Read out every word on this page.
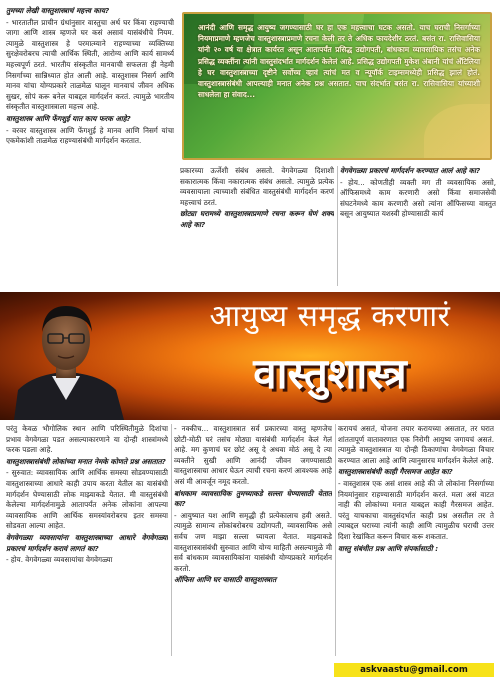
तुमच्या लेखी वास्तुशास्त्राचं महत्त्व काय?
- भारतातील प्राचीन ग्रंथांनुसार वास्तुचा अर्थ घर किंवा राहण्याची जागा आणि शास्त्र म्हणजे घर कसं असावं यासंबंधीचे नियम. त्यामुळे वास्तुशास्त्र हे परमात्म्याने राहण्याच्या व्यक्तिच्या सुरक्षेवरोबरच त्याची आर्थिक स्थिती, आरोग्य आणि कार्य सामर्थ्य महत्त्वपूर्ण ठरतं. भारतीय संस्कृतीत मानवाची सफलता ही नेहमी निसर्गाच्या सान्निध्यात होत आली आहे. वास्तुशास्त्र निसर्ग आणि मानव यांचा योग्यप्रकारे ताळमेळ घालून मानवाचं जीवन अधिक सुखर, सोपं करू बनेल याबद्दल मार्गदर्शन करतं. त्यामुळे भारतीय संस्कृतीत वास्तुशास्त्राला महत्त्व आहे.
वास्तुशास्त्र आणि फेंगशुई यात काय फरक आहे?
- वरवर वास्तुशास्त्र आणि फेंगशुई हे मानव आणि निसर्ग यांचा एकमेकांशी ताळमेळ राहण्यासंबंधी मार्गदर्शन करतात.
आनंदी आणि समृद्ध आयुष्य जगण्यासाठी घर हा एक महत्त्वाचा घटक असतो. याच घराची निसर्गाच्या नियमाप्रमाणे म्हणजेच वास्तुशास्त्राप्रमाणे रचना केली तर ते अधिक फायदेशीर ठरतं. बसंत रा. रासिवासिया यांनी २० वर्ष या क्षेत्रात कार्यरत असून आतापर्यंत प्रसिद्ध उद्योगपती, बांधकाम व्यावसायिक तसंच अनेक प्रसिद्ध व्यक्तींना त्यांनी वास्तुसंदर्भात मार्गदर्शन केलेलं आहे. प्रसिद्ध उद्योगपती मुकेश अंबानी यांचं अँटिलिया हे घर वास्तुशास्त्राच्या दृष्टीने सर्वोच्च व्हावं त्यांचं मत व न्यूयॉर्क टाइम्समध्येही प्रसिद्ध झालं होतं. वास्तुशास्त्रासंबंधी आपल्याही मनात अनेक प्रश्न असतात. याच संदर्भात बसंत रा. रासिवासिया यांच्याशी साधलेला हा संवाद...
प्रकारच्या ऊर्जेशी संबंध असतो. वेगवेगळ्या दिशाशी सकारात्मक किंवा नकारात्मक संबंध असतो. त्यामुळे प्रत्येक व्यवसायाला त्याच्याशी संबंधित वास्तुसंबंधी मार्गदर्शन करणं महत्त्वाचं ठरतं.
छोट्या घरामध्ये वास्तुशास्त्राप्रमाणे रचना करून घेणं शक्य आहे का?
वेगवेगळ्या प्रकारचं मार्गदर्शन करण्यात आलं आहे का?
- होय... कोणतीही व्यक्ती मग ती व्यवसायिक असो, ऑफिसमध्ये काम करणारी असो किंवा समाजसेवी संघटनेमध्ये काम करणारी असो त्यांना ऑफिसच्या वास्तुत बसून आयुष्यात यशस्वी होण्यासाठी कार्य
आयुष्य समृद्ध करणारं
वास्तुशास्त्र
परंतु केवळ भौगोलिक स्थान आणि परिस्थितीमुळे दिशांचा प्रभाव वेगवेगळा पडत असल्याकारणाने या दोन्ही शास्त्रांमध्ये फरक पडला आहे.
वास्तुशास्त्रासंबंधी लोकांच्या मनात नेमके कोणते प्रश्न असतात?
- सुरुवात: व्यावसायिक आणि आर्थिक समस्या सोडवण्यासाठी वास्तुशास्त्राच्या आधारे काही उपाय करता येतील का यासंबंधी मार्गदर्शन घेण्यासाठी लोक माझ्याकडे येतात. मी वास्तुसंबंधी केलेल्या मार्गदर्शनामुळे आतापर्यंत अनेक लोकांना आपल्या व्यावसायिक आणि आर्थिक समस्यांवरोबरच इतर समस्या सोडवता आल्या आहेत.
वेगवेगळ्या व्यवसायांना वास्तुशास्त्राच्या आधारे वेगवेगळ्या प्रकारचं मार्गदर्शन करावं लागतं का?
- होय. वेगवेगळ्या व्यवसायांचा वेगवेगळ्या
- नक्कीच... वास्तुशास्त्रात सर्व प्रकारच्या वास्तु म्हणजेच छोटी-मोठी घरं तसंच मोठ्या यासंबंधी मार्गदर्शन केलं गेलं आहे. मग कुणाचं घर छोटं असू दे अथवा मोठं असू दे त्या व्यक्तीने सुखी आणि आनंदी जीवन जगण्यासाठी वास्तुशास्त्राचा आधार घेऊन त्याची रचना करणं आवश्यक आहे असं मी आवर्जून नमूद करतो.
बांधकाम व्यावसायिक तुमच्याकडे सल्ला घेण्यासाठी येतात का?
- आयुष्यात यश आणि समृद्धी ही प्रत्येकालाच हवी असते. त्यामुळे सामान्य लोकांबरोबरच उद्योगपती, व्यावसायिक असे सर्वच जण माझा सल्ला घ्यायला येतात. माझ्याकडे वास्तुशास्त्रासंबंधी सुरुवात आणि योग्य माहिती असल्यामुळे मी सर्व बांधकाम व्यावसायिकांना यासंबंधी योग्यप्रकारे मार्गदर्शन करतो.
ऑफिस आणि घर यासाठी वास्तुशास्त्रात
करायचं असतं, योजना तयार करायच्या असतात, तर घरात शांततापूर्ण वातावरणात एक निरोगी आयुष्य जगायचं असतं. त्यामुळे वास्तुशास्त्रात या दोन्ही ठिकाणांचा वेगवेगळा विचार करण्यात आला आहे आणि त्यानुसारच मार्गदर्शन केलेलं आहे.
वास्तुशास्त्रासंबंधी काही गैरसमज आहेत का?
- वास्तुशास्त्र एक असं शास्त्र आहे की जे लोकांना निसर्गाच्या नियमांनुसार राहण्यासाठी मार्गदर्शन करतं. मला असं वाटत नाही की लोकांच्या मनात याबद्दल काही गैरसमज आहेत. परंतु याचकाचा वास्तुसंदर्भात काही प्रश्न असतील तर ते त्याबद्दल घराच्या त्यांनी काही आणि त्यामुळीच घराची उत्तर दिशा रेखांकित करून विचार करू शकतात.
वास्तु संबंधीत प्रश्न आणि संपर्कासाठी :
askvaastu@gmail.com
